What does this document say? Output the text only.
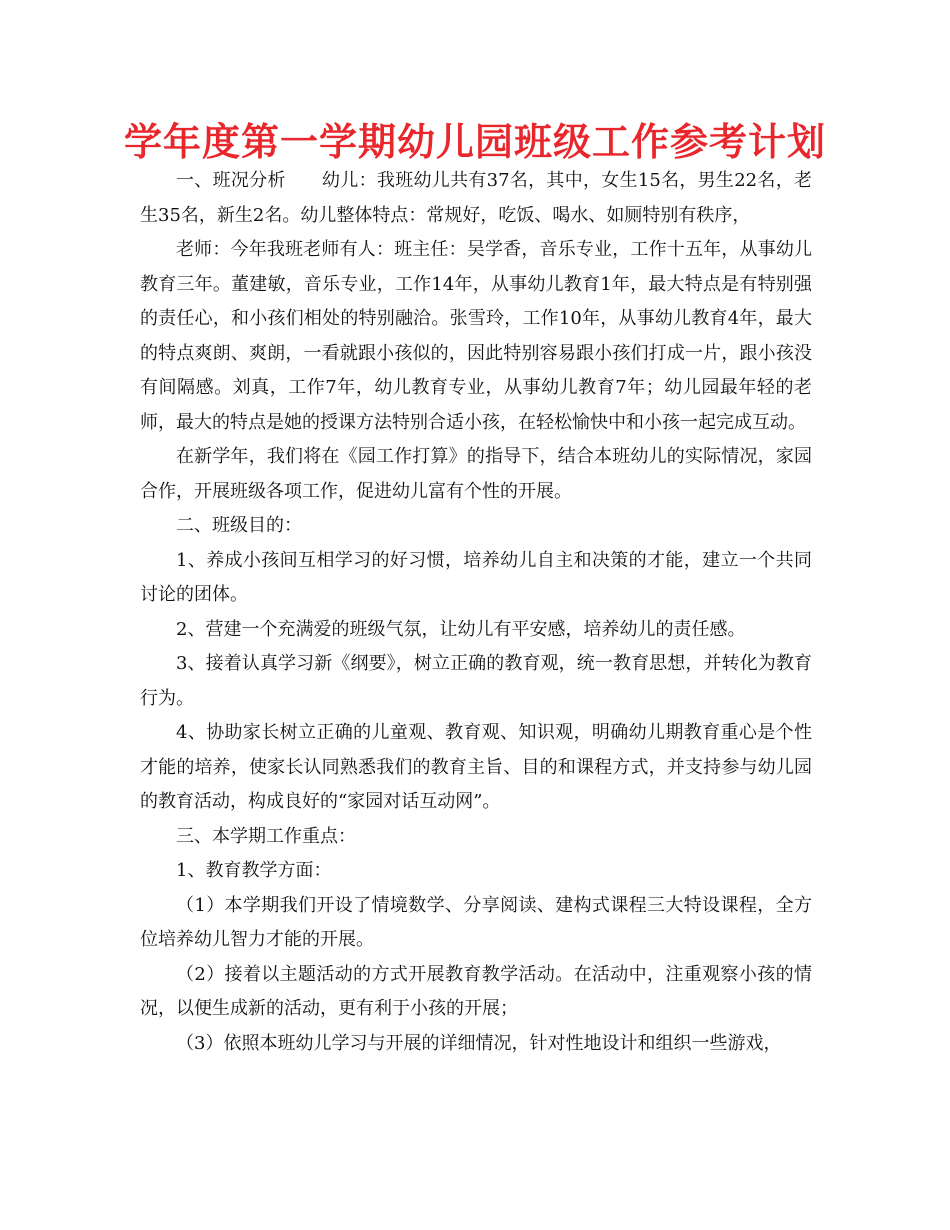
学年度第一学期幼儿园班级工作参考计划

一、班况分析 幼儿：我班幼儿共有37名，其中，女生15名，男生22名，老生35名，新生2名。幼儿整体特点：常规好，吃饭、喝水、如厕特别有秩序，

老师：今年我班老师有人：班主任：吴学香，音乐专业，工作十五年，从事幼儿教育三年。董建敏，音乐专业，工作14年，从事幼儿教育1年，最大特点是有特别强的责任心，和小孩们相处的特别融洽。张雪玲，工作10年，从事幼儿教育4年，最大的特点爽朗、爽朗，一看就跟小孩似的，因此特别容易跟小孩们打成一片，跟小孩没有间隔感。刘真，工作7年，幼儿教育专业，从事幼儿教育7年；幼儿园最年轻的老师，最大的特点是她的授课方法特别合适小孩，在轻松愉快中和小孩一起完成互动。

在新学年，我们将在《园工作打算》的指导下，结合本班幼儿的实际情况，家园合作，开展班级各项工作，促进幼儿富有个性的开展。

二、班级目的：

1、养成小孩间互相学习的好习惯，培养幼儿自主和决策的才能，建立一个共同讨论的团体。

2、营建一个充满爱的班级气氛，让幼儿有平安感，培养幼儿的责任感。

3、接着认真学习新《纲要》，树立正确的教育观，统一教育思想，并转化为教育行为。

4、协助家长树立正确的儿童观、教育观、知识观，明确幼儿期教育重心是个性才能的培养，使家长认同熟悉我们的教育主旨、目的和课程方式，并支持参与幼儿园的教育活动，构成良好的“家园对话互动网”。

三、本学期工作重点：

1、教育教学方面：

（1）本学期我们开设了情境数学、分享阅读、建构式课程三大特设课程，全方位培养幼儿智力才能的开展。

（2）接着以主题活动的方式开展教育教学活动。在活动中，注重观察小孩的情况，以便生成新的活动，更有利于小孩的开展；

（3）依照本班幼儿学习与开展的详细情况，针对性地设计和组织一些游戏，
